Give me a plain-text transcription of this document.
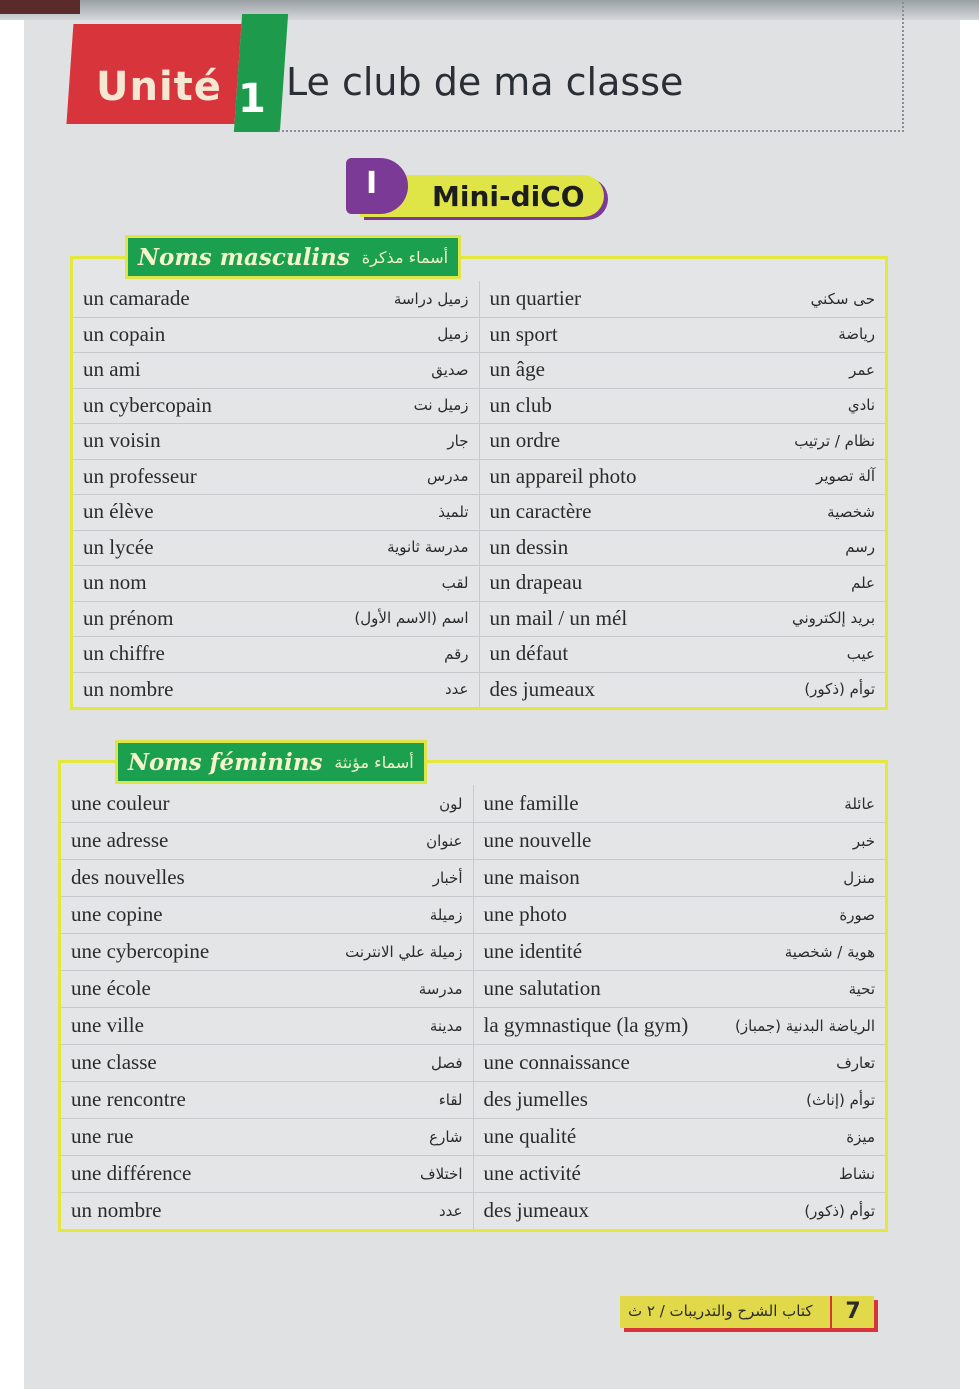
Unité 1 Le club de ma classe
I Mini-diCO
un camarade	زميل دراسة un quartier	حى سكني
un copain	زميل un sport	رياضة
un ami	صديق un âge	عمر
un cybercopain	زميل نت un club	نادي
un voisin	جار un ordre	نظام / ترتيب
un professeur	مدرس un appareil photo	آلة تصوير
un élève	تلميذ un caractère	شخصية
un lycée	مدرسة ثانوية un dessin	رسم
un nom	لقب un drapeau	علم
un prénom	اسم (الاسم الأول) un mail / un mél	بريد إلكتروني
un chiffre	رقم un défaut	عيب
un nombre	عدد des jumeaux	توأم (ذكور)
Noms masculins أسماء مذكرة
une couleur	لون une famille	عائلة
une adresse	عنوان une nouvelle	خبر
des nouvelles	أخبار une maison	منزل
une copine	زميلة une photo	صورة
une cybercopine	زميلة علي الانترنت une identité	هوية / شخصية
une école	مدرسة une salutation	تحية
une ville	مدينة la gymnastique (la gym)	الرياضة البدنية (جمباز)
une classe	فصل une connaissance	تعارف
une rencontre	لقاء des jumelles	توأم (إناث)
une rue	شارع une qualité	ميزة
une différence	اختلاف une activité	نشاط
un nombre	عدد des jumeaux	توأم (ذكور)
Noms féminins أسماء مؤنثة
كتاب الشرح والتدريبات / ٢ ث	7
